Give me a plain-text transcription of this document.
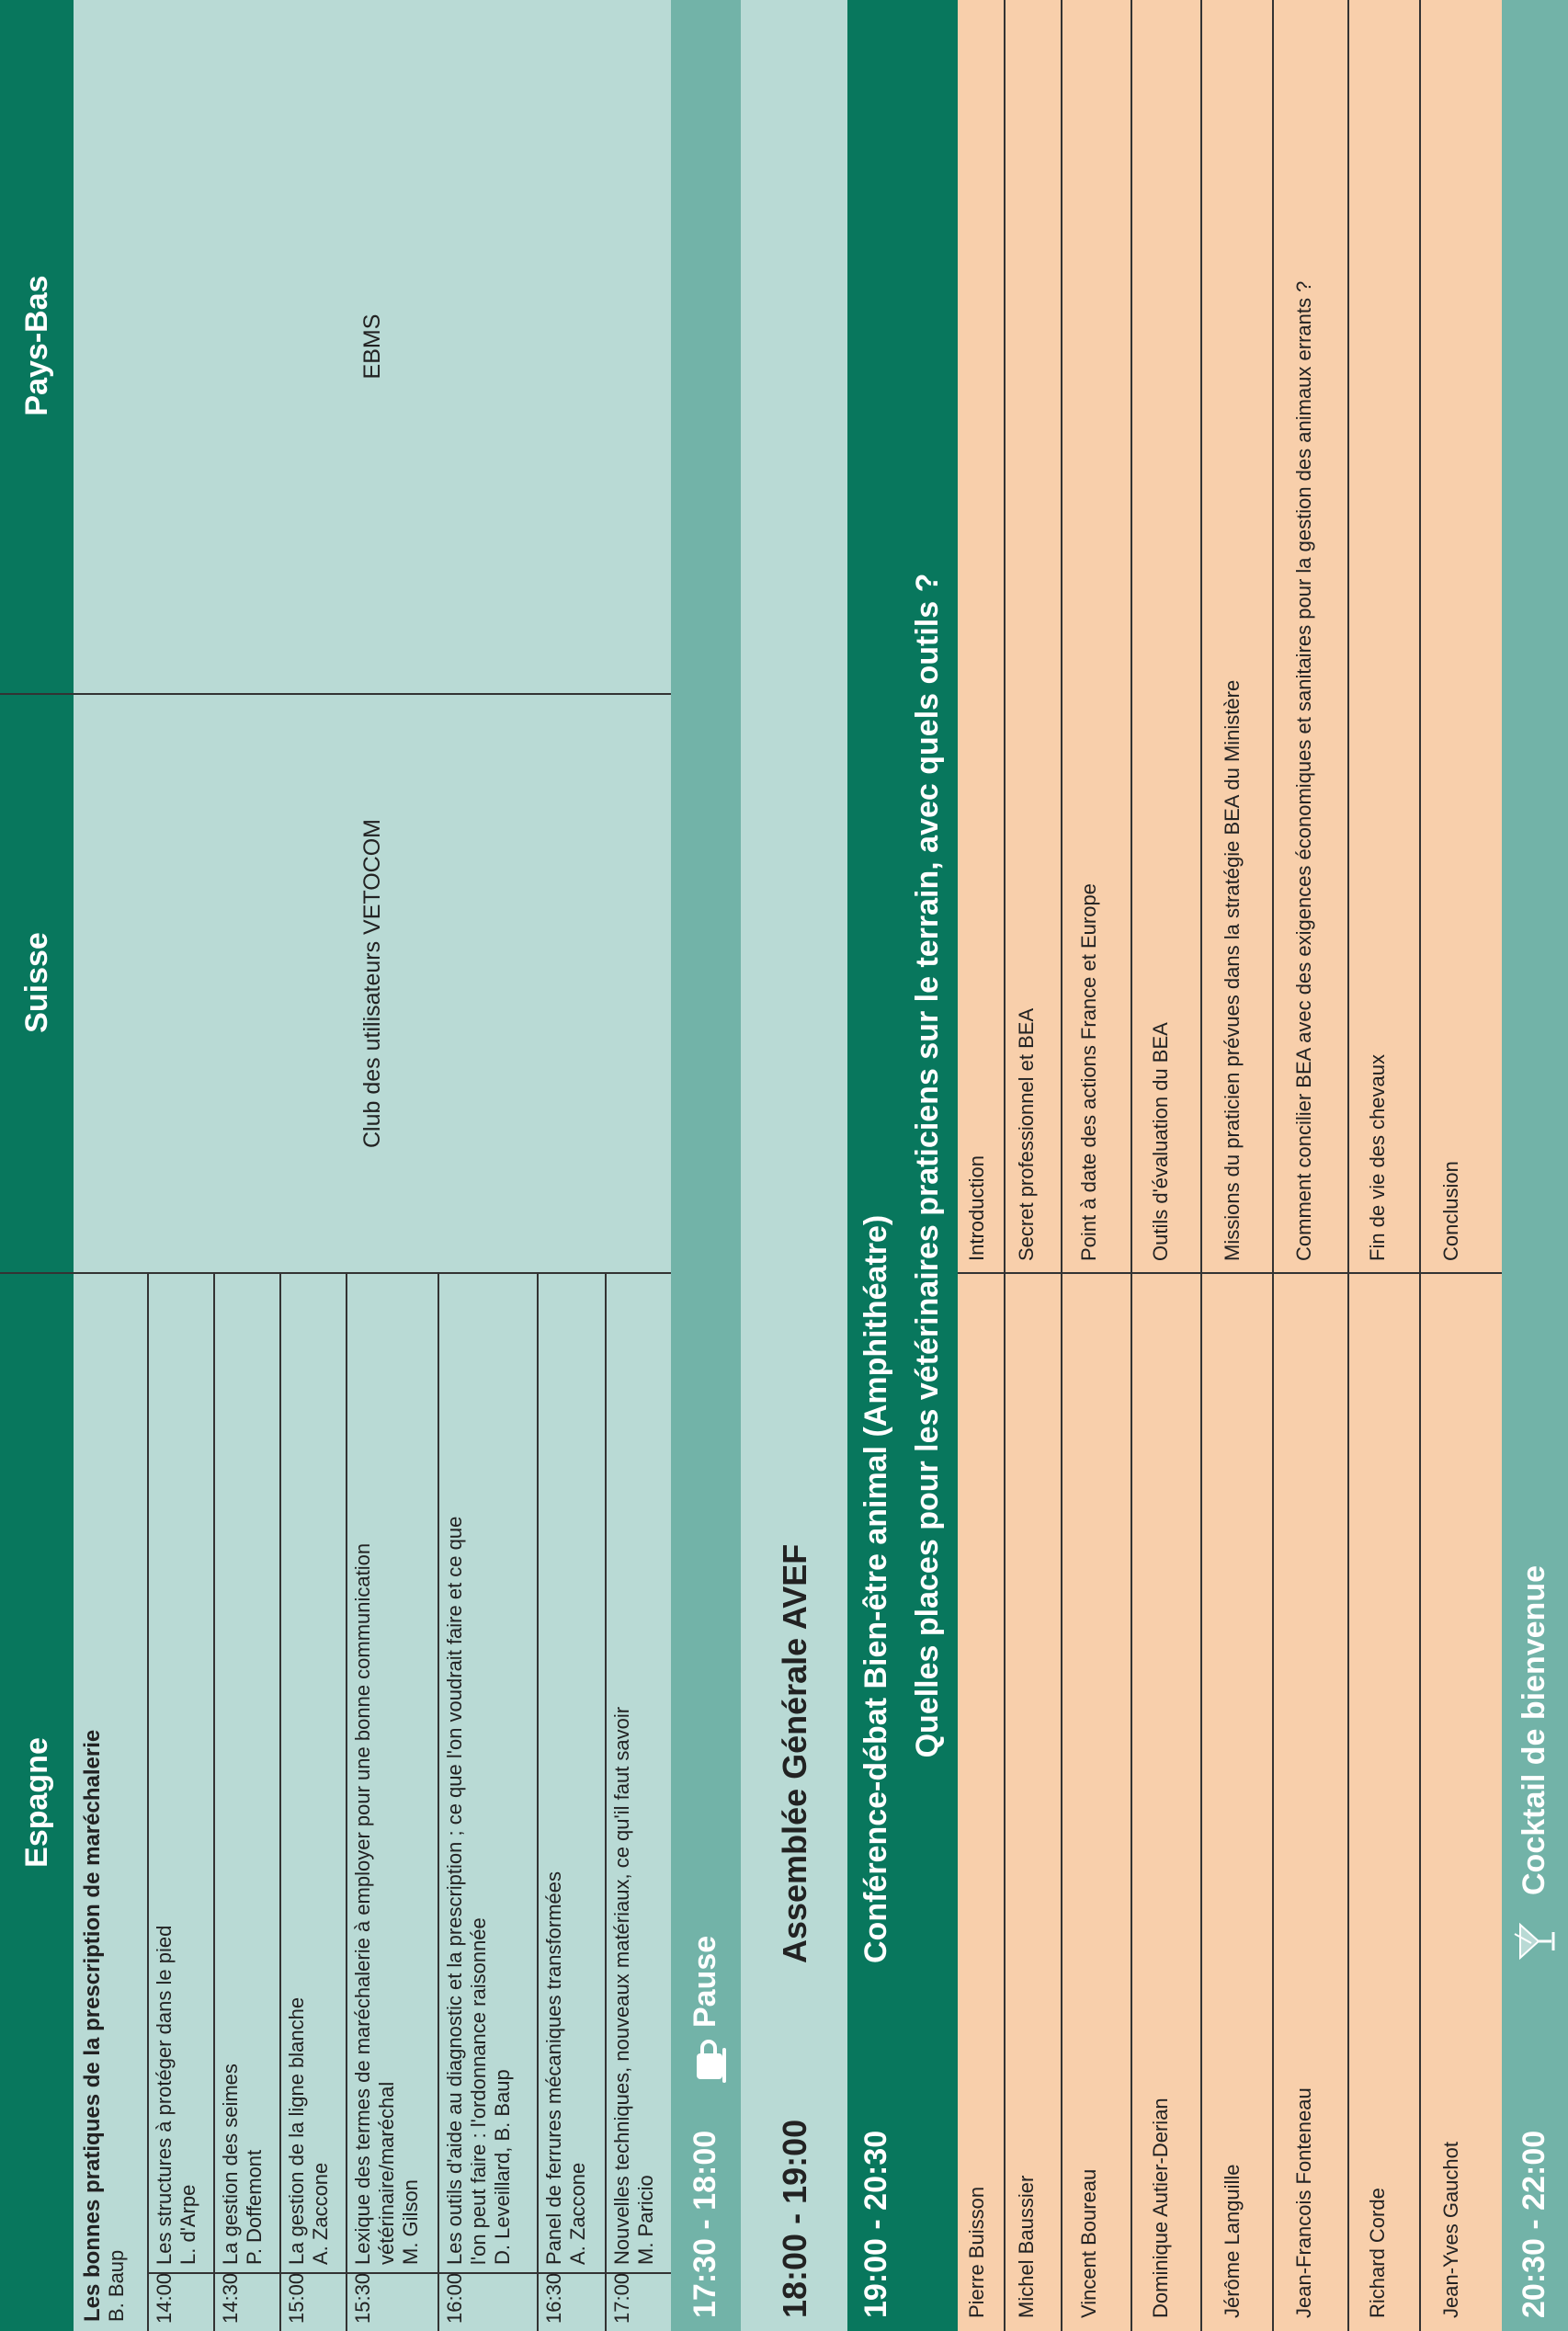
Espagne
Suisse
Pays-Bas
Les bonnes pratiques de la prescription de maréchalerie B. Baup 14:00
Les structures à protéger dans le pied
L. d'Arpe
14:30
La gestion des seimes
P. Doffemont
15:00
La gestion de la ligne blanche
A. Zaccone
15:30
Lexique des termes de maréchalerie à employer pour une bonne communication
vétérinaire/maréchal
M. Gilson
16:00
Les outils d'aide au diagnostic et la prescription ; ce que l'on voudrait faire et ce que
l'on peut faire : l'ordonnance raisonnée
D. Leveillard, B. Baup
16:30
Panel de ferrures mécaniques transformées
A. Zaccone
17:00
Nouvelles techniques, nouveaux matériaux, ce qu'il faut savoir
M. Paricio
Club des utilisateurs VETOCOM
EBMS
17:30 - 18:00
Pause
18:00 - 19:00
Assemblée Générale AVEF
19:00 - 20:30
Conférence-débat Bien-être animal (Amphithéatre) Quelles places pour les vétérinaires praticiens sur le terrain, avec quels outils ?
Pierre Buisson
Introduction
Michel Baussier
Secret professionnel et BEA
Vincent Boureau
Point à date des actions France et Europe
Dominique Autier-Derian
Outils d'évaluation du BEA
Jérôme Languille
Missions du praticien prévues dans la stratégie BEA du Ministère
Jean-Francois Fonteneau
Comment concilier BEA avec des exigences économiques et sanitaires pour la gestion des animaux errants ?
Richard Corde
Fin de vie des chevaux
Jean-Yves Gauchot
Conclusion
20:30 - 22:00
Cocktail de bienvenue
